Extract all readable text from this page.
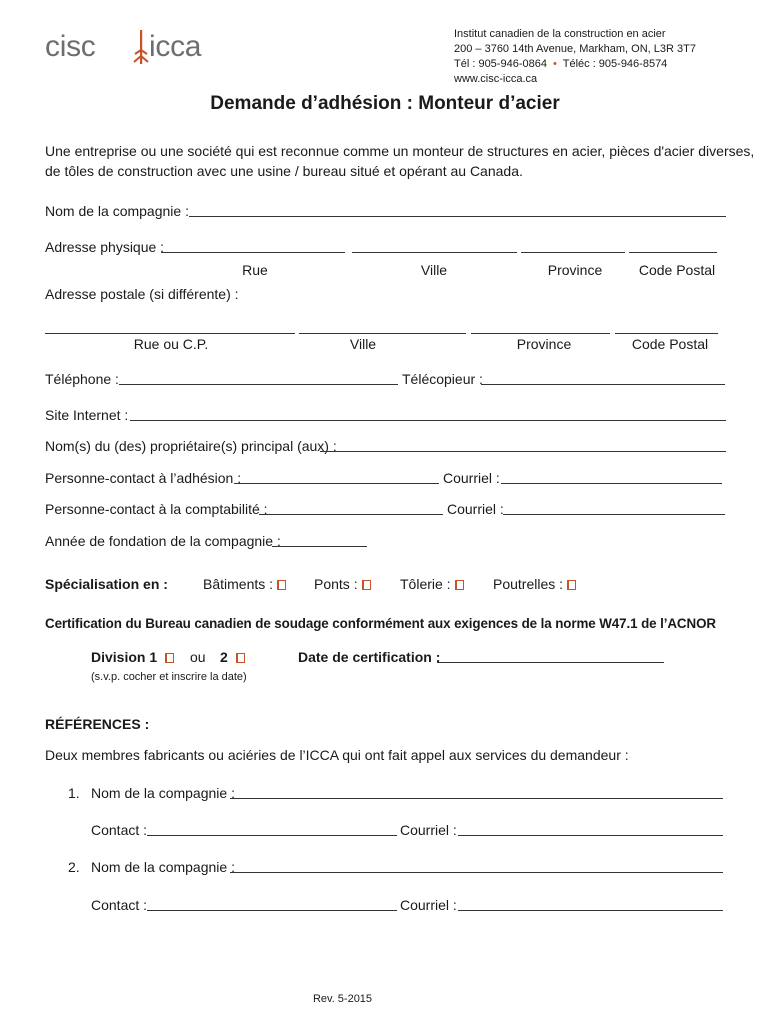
cisc icca	Institut canadien de la construction en acier
200 – 3760 14th Avenue, Markham, ON, L3R 3T7
Tél : 905-946-0864 • Téléc : 905-946-8574
www.cisc-icca.ca
Demande d’adhésion : Monteur d’acier
Une entreprise ou une société qui est reconnue comme un monteur de structures en acier, pièces d'acier diverses,
de tôles de construction avec une usine / bureau situé et opérant au Canada.
Nom de la compagnie :
Adresse physique :
Rue	Ville	Province	Code Postal
Adresse postale (si différente) :
Rue ou C.P.	Ville	Province	Code Postal
Téléphone :	Télécopieur :
Site Internet :
Nom(s) du (des) propriétaire(s) principal (aux) :
Personne-contact à l’adhésion :	Courriel :
Personne-contact à la comptabilité :	Courriel :
Année de fondation de la compagnie :
Spécialisation en :	Bâtiments :	Ponts :	Tôlerie :	Poutrelles :
Certification du Bureau canadien de soudage conformément aux exigences de la norme W47.1 de l’ACNOR
Division 1	ou 2	Date de certification :
(s.v.p. cocher et inscrire la date)
RÉFÉRENCES :
Deux membres fabricants ou aciéries de l’ICCA qui ont fait appel aux services du demandeur :
1. Nom de la compagnie :
Contact :	Courriel :
2. Nom de la compagnie :
Contact :	Courriel :
Rev. 5-2015
